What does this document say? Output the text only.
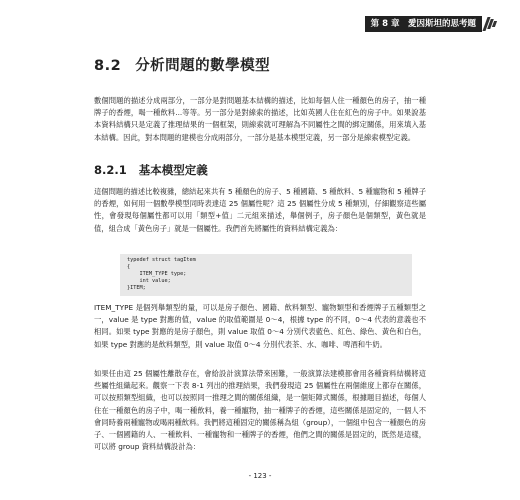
第 8 章　愛因斯坦的思考題
8.2 分析問題的數學模型
數個問題的描述分成兩部分，一部分是對問題基本結構的描述，比如每個人住一種顏色的房子，抽一種牌子的香煙，喝一種飲料...等等。另一部分是對線索的描述，比如英國人住在紅色的房子中。如果說基本資料結構只是定義了推理結果的一個框架，則線索就可理解為不同屬性之間的綁定關係，用來填入基本結構。因此，對本問題的建模也分成兩部分，一部分是基本模型定義，另一部分是線索模型定義。
8.2.1 基本模型定義
這個問題的描述比較複雜，總結起來共有 5 種顏色的房子、5 種國籍、5 種飲料、5 種寵物和 5 種牌子的香煙，如何用一個數學模型同時表達這 25 個屬性呢？這 25 個屬性分成 5 種類別，仔細觀察這些屬性，會發現每個屬性都可以用「類型+值」二元組來描述，舉個例子，房子顏色是個類型，黃色就是值，組合成「黃色房子」就是一個屬性。我們首先將屬性的資料結構定義為：
typedef struct tagItem
{
ITEM_TYPE type;
int value;
}ITEM;
ITEM_TYPE 是個列舉類型的量，可以是房子顏色、國籍、飲料類型、寵物類型和香煙牌子五種類型之一，value 是 type 對應的值，value 的取值範圍是 0～4，根據 type 的不同，0～4 代表的意義也不相同。如果 type 對應的是房子顏色，則 value 取值 0～4 分別代表藍色、紅色、綠色、黃色和白色，如果 type 對應的是飲料類型，則 value 取值 0～4 分別代表茶、水、咖啡、啤酒和牛奶。
如果任由這 25 個屬性離散存在，會給設計演算法帶來困難，一般演算法建模都會用各種資料結構將這些屬性組織起來。觀察一下表 8-1 列出的推理結果，我們發現這 25 個屬性在兩個維度上都存在關係，可以按照類型組織，也可以按照同一推理之間的關係組織，是一個矩陣式關係，根據題目描述，每個人住在一種顏色的房子中，喝一種飲料，養一種寵物，抽一種牌子的香煙，這些關係是固定的，一個人不會同時養兩種寵物或喝兩種飲料。我們將這種固定的關係稱為組（group），一個組中包含一種顏色的房子、一個國籍的人、一種飲料、一種寵物和一種牌子的香煙，他們之間的關係是固定的，既然是這樣，可以將 group 資料結構設計為：
- 123 -
